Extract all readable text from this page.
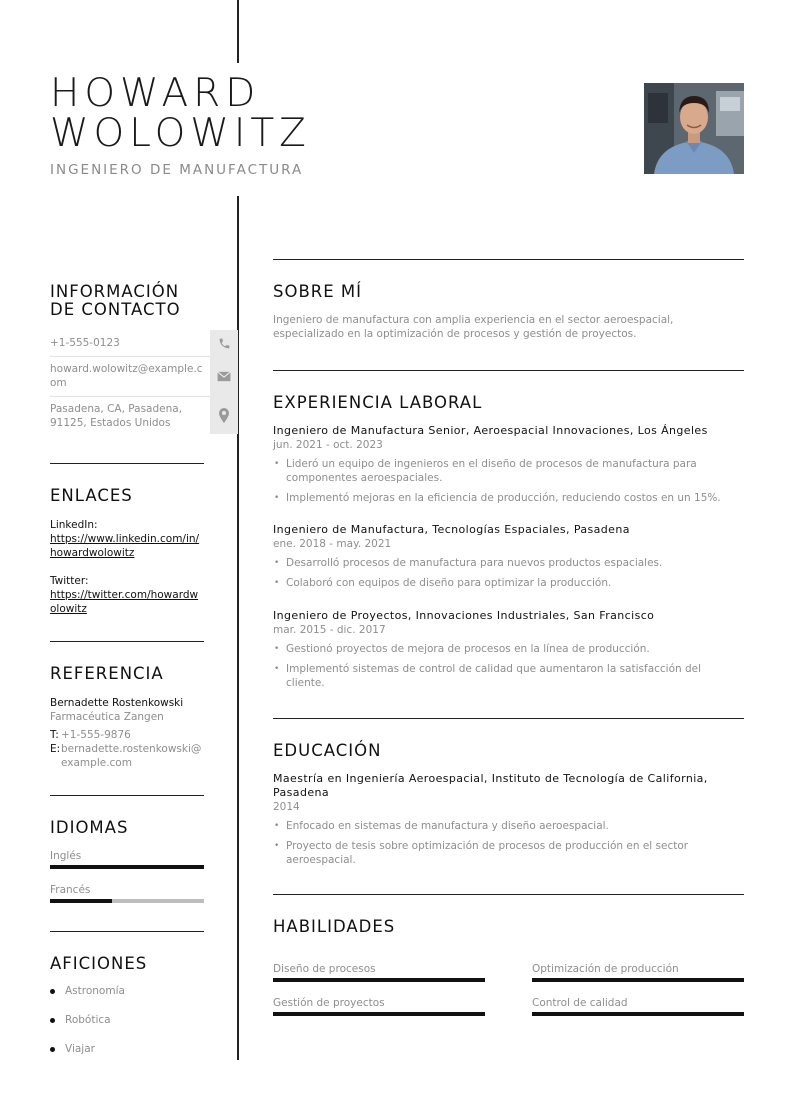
HOWARD
WOLOWITZ
INGENIERO DE MANUFACTURA
INFORMACIÓN
DE CONTACTO
+1-555-0123
howard.wolowitz@example.com
Pasadena, CA, Pasadena, 91125, Estados Unidos
ENLACES
LinkedIn:
https://www.linkedin.com/in/howardwolowitz
Twitter:
https://twitter.com/howardwolowitz
REFERENCIA
Bernadette Rostenkowski
Farmacéutica Zangen
T: +1-555-9876
E: bernadette.rostenkowski@example.com
IDIOMAS
Inglés
Francés
AFICIONES
Astronomía
Robótica
Viajar
SOBRE MÍ
Ingeniero de manufactura con amplia experiencia en el sector aeroespacial, especializado en la optimización de procesos y gestión de proyectos.
EXPERIENCIA LABORAL
Ingeniero de Manufactura Senior, Aeroespacial Innovaciones, Los Ángeles
jun. 2021 - oct. 2023
• Lideró un equipo de ingenieros en el diseño de procesos de manufactura para componentes aeroespaciales.
• Implementó mejoras en la eficiencia de producción, reduciendo costos en un 15%.
Ingeniero de Manufactura, Tecnologías Espaciales, Pasadena
ene. 2018 - may. 2021
• Desarrolló procesos de manufactura para nuevos productos espaciales.
• Colaboró con equipos de diseño para optimizar la producción.
Ingeniero de Proyectos, Innovaciones Industriales, San Francisco
mar. 2015 - dic. 2017
• Gestionó proyectos de mejora de procesos en la línea de producción.
• Implementó sistemas de control de calidad que aumentaron la satisfacción del cliente.
EDUCACIÓN
Maestría en Ingeniería Aeroespacial, Instituto de Tecnología de California, Pasadena
2014
• Enfocado en sistemas de manufactura y diseño aeroespacial.
• Proyecto de tesis sobre optimización de procesos de producción en el sector aeroespacial.
HABILIDADES
Diseño de procesos	Optimización de producción
Gestión de proyectos	Control de calidad
